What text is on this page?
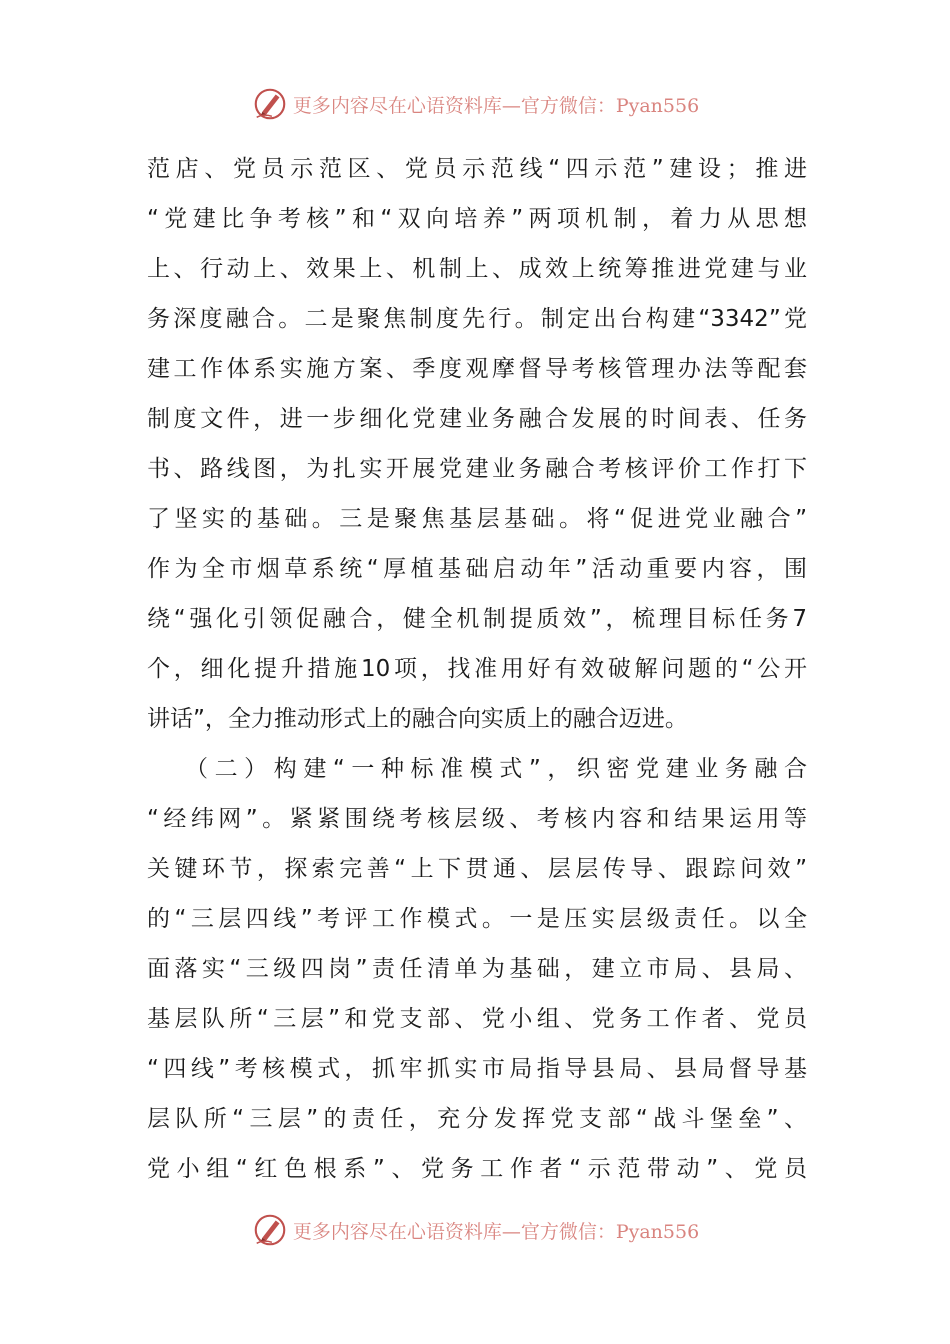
更多内容尽在心语资料库—官方微信：Pyan556
范店、党员示范区、党员示范线“四示范”建设；推进
“党建比争考核”和“双向培养”两项机制，着力从思想
上、行动上、效果上、机制上、成效上统筹推进党建与业
务深度融合。二是聚焦制度先行。制定出台构建“3342”党
建工作体系实施方案、季度观摩督导考核管理办法等配套
制度文件，进一步细化党建业务融合发展的时间表、任务
书、路线图，为扎实开展党建业务融合考核评价工作打下
了坚实的基础。三是聚焦基层基础。将“促进党业融合”
作为全市烟草系统“厚植基础启动年”活动重要内容，围
绕“强化引领促融合，健全机制提质效”，梳理目标任务7
个，细化提升措施10项，找准用好有效破解问题的“公开
讲话”，全力推动形式上的融合向实质上的融合迈进。
（二）构建“一种标准模式”，织密党建业务融合
“经纬网”。紧紧围绕考核层级、考核内容和结果运用等
关键环节，探索完善“上下贯通、层层传导、跟踪问效”
的“三层四线”考评工作模式。一是压实层级责任。以全
面落实“三级四岗”责任清单为基础，建立市局、县局、
基层队所“三层”和党支部、党小组、党务工作者、党员
“四线”考核模式，抓牢抓实市局指导县局、县局督导基
层队所“三层”的责任，充分发挥党支部“战斗堡垒”、
党小组“红色根系”、党务工作者“示范带动”、党员
更多内容尽在心语资料库—官方微信：Pyan556
